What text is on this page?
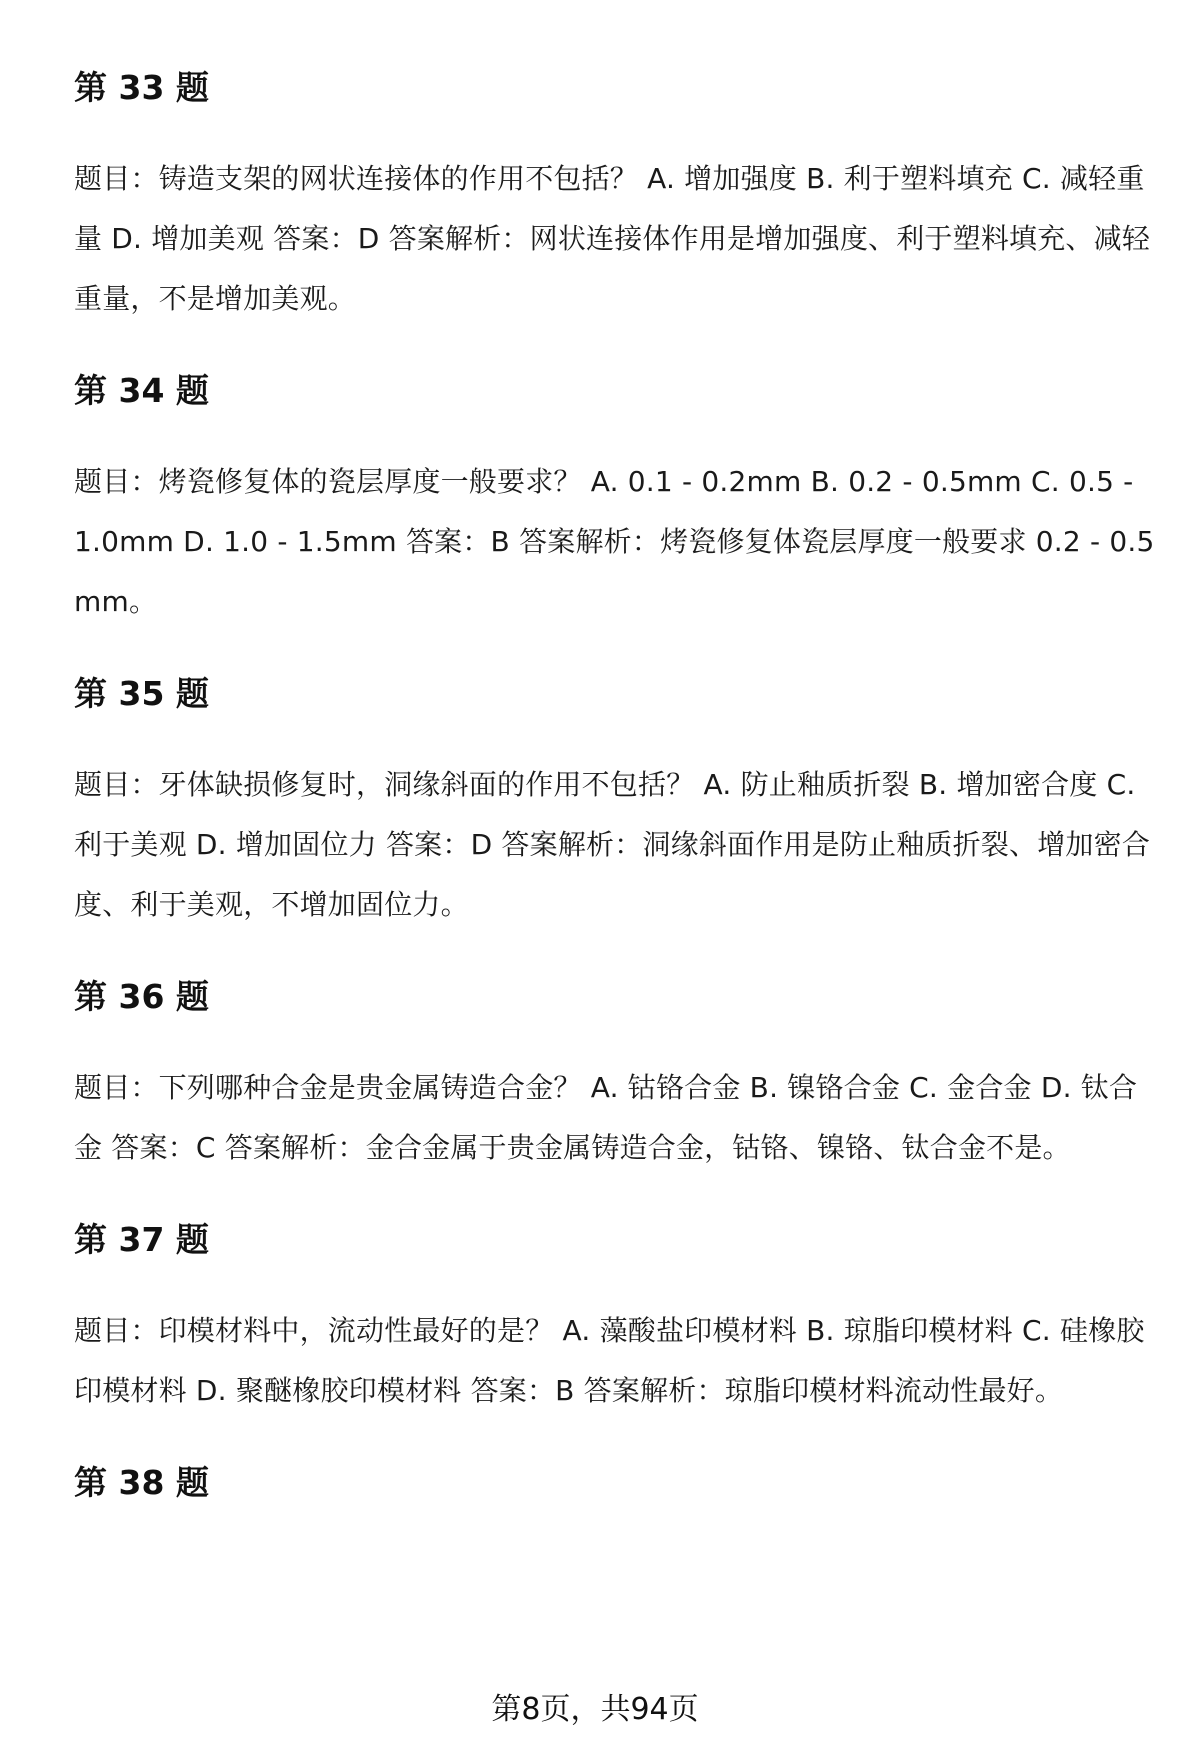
第 33 题

题目：铸造支架的网状连接体的作用不包括？ A. 增加强度 B. 利于塑料填充 C. 减轻重量 D. 增加美观 答案：D 答案解析：网状连接体作用是增加强度、利于塑料填充、减轻重量，不是增加美观。

第 34 题

题目：烤瓷修复体的瓷层厚度一般要求？ A. 0.1 - 0.2mm B. 0.2 - 0.5mm C. 0.5 - 1.0mm D. 1.0 - 1.5mm 答案：B 答案解析：烤瓷修复体瓷层厚度一般要求 0.2 - 0.5mm。

第 35 题

题目：牙体缺损修复时，洞缘斜面的作用不包括？ A. 防止釉质折裂 B. 增加密合度 C. 利于美观 D. 增加固位力 答案：D 答案解析：洞缘斜面作用是防止釉质折裂、增加密合度、利于美观，不增加固位力。

第 36 题

题目：下列哪种合金是贵金属铸造合金？ A. 钴铬合金 B. 镍铬合金 C. 金合金 D. 钛合金 答案：C 答案解析：金合金属于贵金属铸造合金，钴铬、镍铬、钛合金不是。

第 37 题

题目：印模材料中，流动性最好的是？ A. 藻酸盐印模材料 B. 琼脂印模材料 C. 硅橡胶印模材料 D. 聚醚橡胶印模材料 答案：B 答案解析：琼脂印模材料流动性最好。

第 38 题
第8页，共94页
